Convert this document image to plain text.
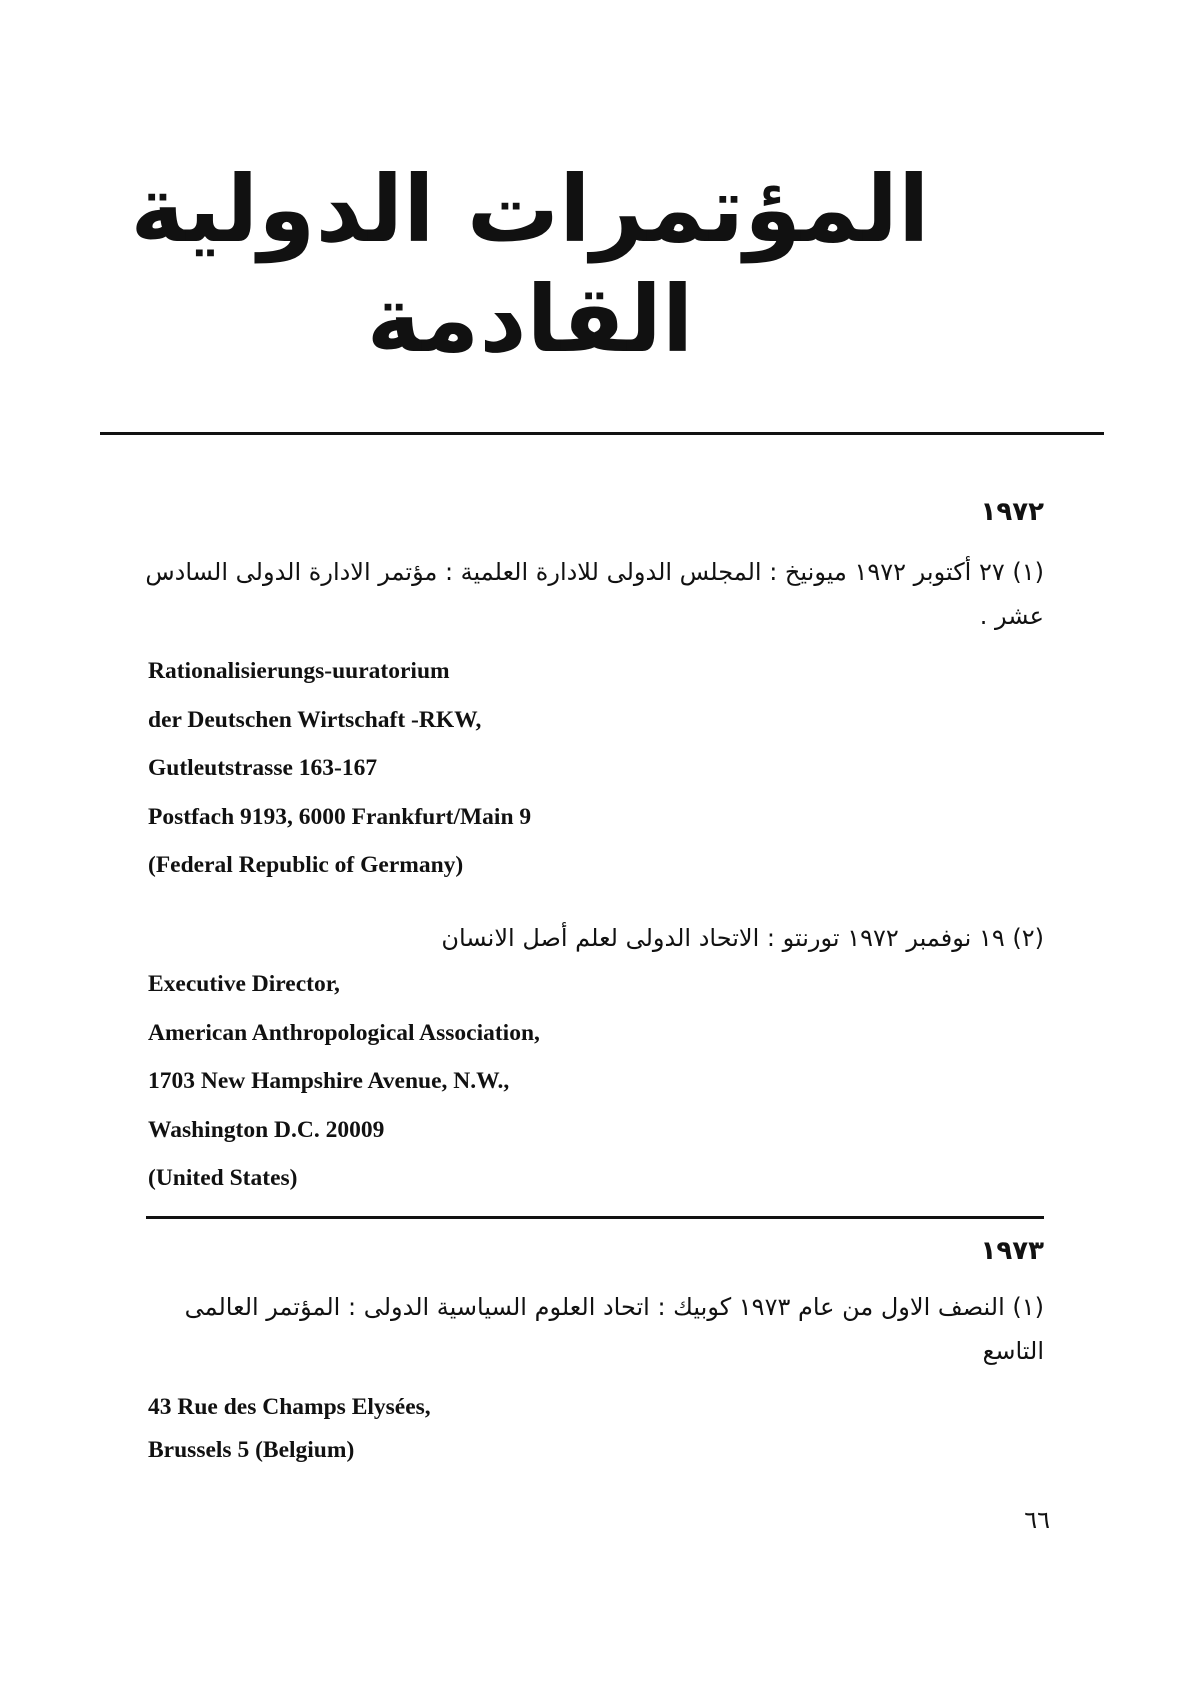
المؤتمرات الدولية القادمة
١٩٧٢
(١) ٢٧ أكتوبر ١٩٧٢ ميونيخ : المجلس الدولى للادارة العلمية : مؤتمر الادارة الدولى السادس عشر .
Rationalisierungs-uuratorium
der Deutschen Wirtschaft -RKW,
Gutleutstrasse 163-167
Postfach 9193, 6000 Frankfurt/Main 9
(Federal Republic of Germany)
(٢) ١٩ نوفمبر ١٩٧٢ تورنتو : الاتحاد الدولى لعلم أصل الانسان
Executive Director,
American Anthropological Association,
1703 New Hampshire Avenue, N.W.,
Washington D.C. 20009
(United States)
١٩٧٣
(١) النصف الاول من عام ١٩٧٣ كوبيك : اتحاد العلوم السياسية الدولى : المؤتمر العالمى التاسع
43 Rue des Champs Elysées,
Brussels 5 (Belgium)
٦٦
